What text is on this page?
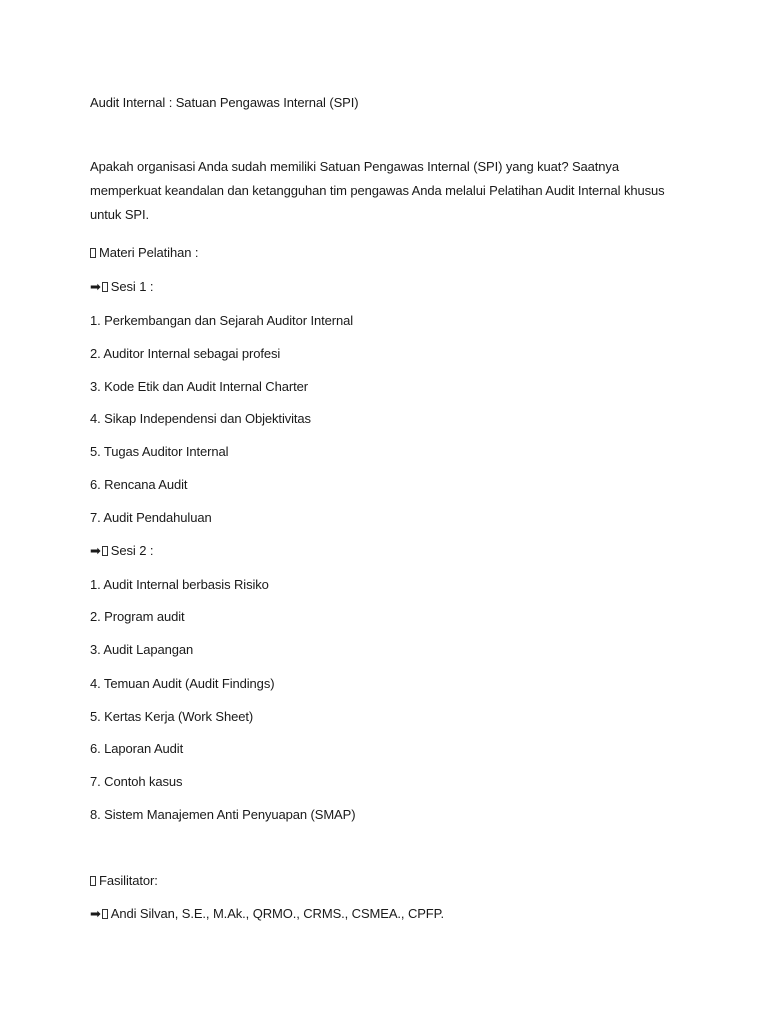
Audit Internal : Satuan Pengawas Internal (SPI)
Apakah organisasi Anda sudah memiliki Satuan Pengawas Internal (SPI) yang kuat? Saatnya memperkuat keandalan dan ketangguhan tim pengawas Anda melalui Pelatihan Audit Internal khusus untuk SPI.
Materi Pelatihan :
➡ Sesi 1 :
1. Perkembangan dan Sejarah Auditor Internal
2. Auditor Internal sebagai profesi
3. Kode Etik dan Audit Internal Charter
4. Sikap Independensi dan Objektivitas
5. Tugas Auditor Internal
6. Rencana Audit
7. Audit Pendahuluan
➡ Sesi 2 :
1. Audit Internal berbasis Risiko
2. Program audit
3. Audit Lapangan
4. Temuan Audit (Audit Findings)
5. Kertas Kerja (Work Sheet)
6. Laporan Audit
7. Contoh kasus
8. Sistem Manajemen Anti Penyuapan (SMAP)
Fasilitator:
➡ Andi Silvan, S.E., M.Ak., QRMO., CRMS., CSMEA., CPFP.
